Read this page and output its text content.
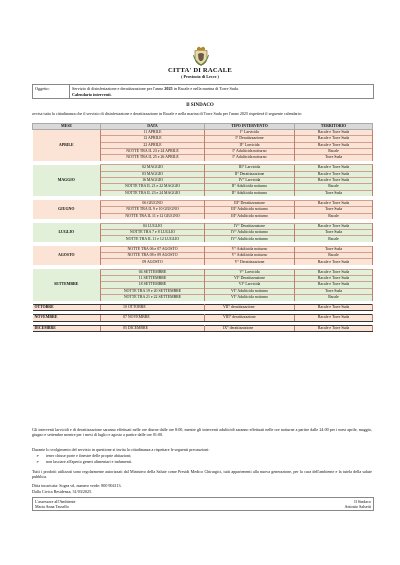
CITTA' DI RACALE
( Provincia di Lecce )
Oggetto:	Servizio di disinfestazione e derattizzazione per l'anno 2025 in Racale e nella marina di Torre Suda.
Calendario interventi.
Il SINDACO
avvisa tutta la cittadinanza che il servizio di disinfestazione e derattizzazione in Racale e nella marina di Torre Suda per l'anno 2025 rispetterà il seguente calendario:
MESE	DATA	TIPO INTERVENTO	TERRITORIO
APRILE	11 APRILE	I° Larvicida	Racale e Torre Suda
	12 APRILE	I° Derattizzazione	Racale e Torre Suda
	22 APRILE	II° Larvicida	Racale e Torre Suda
	NOTTE TRA IL 23 e 24 APRILE	I° Adulticida notturno	Racale
	NOTTE TRA IL 25 e 26 APRILE	I° Adulticida notturno	Torre Suda

MAGGIO	02 MAGGIO	III° Larvicida	Racale e Torre Suda
	03 MAGGIO	II° Derattizzazione	Racale e Torre Suda
	16 MAGGIO	IV° Larvicida	Racale e Torre Suda
	NOTTE TRA IL 21 e 22 MAGGIO	II° Adulticida notturno	Racale
	NOTTE TRA IL 23 e 24 MAGGIO	II° Adulticida notturno	Torre Suda

GIUGNO	06 GIUGNO	III° Derattizzazione	Racale e Torre Suda
	NOTTE TRA IL 9 e 10 GIUGNO	III° Adulticida notturno	Torre Suda
	NOTTE TRA IL 11 e 12 GIUGNO	III° Adulticida notturno	Racale

LUGLIO	04 LUGLIO	IV° Derattizzazione	Racale e Torre Suda
	NOTTE TRA 7 e 8 LUGLIO	IV° Adulticida notturno	Torre Suda
	NOTTE TRA IL 11 e 12 LUGLIO	IV° Adulticida notturno	Racale

AGOSTO	NOTTE TRA 06 e 07 AGOSTO	V° Adulticida notturno	Torre Suda
	NOTTE TRA 08 e 09 AGOSTO	V° Adulticida notturno	Racale
	09 AGOSTO	V° Derattizzazione	Racale e Torre Suda

SETTEMBRE	04 SETTEMBRE	V° Larvicida	Racale e Torre Suda
	11 SETTEMBRE	VI° Derattizzazione	Racale e Torre Suda
	18 SETTEMBRE	VI° Larvicida	Racale e Torre Suda
	NOTTE TRA 19 e 20 SETTEMBRE	VI° Adulticida notturno	Torre Suda
	NOTTE TRA 21 e 22 SETTEMBRE	VI° Adulticida notturno	Racale

OTTOBRE	10 OTTOBRE	VII° derattizzazione	Racale e Torre Suda

NOVEMBRE	07 NOVEMBRE	VIII° derattizzazione	Racale e Torre Suda

DICEMBRE	05 DICEMBRE	IX° derattizzazione	Racale e Torre Suda
Gli interventi larvicidi e di derattizzazione saranno effettuati nelle ore diurne dalle ore 8:00, mentre gli interventi adulticidi saranno effettuati nelle ore notturne a partire dalle 24:00 per i mesi aprile, maggio, giugno e settembre mentre per i mesi di luglio e agosto a partire dalle ore 01:00.
Durante lo svolgimento del servizio in questione si invita la cittadinanza a rispettare le seguenti precauzioni:
➢ tener chiuse porte e finestre delle proprie abitazioni;
➢ non lasciare all'aperto generi alimentari e indumenti.
Tutti i prodotti utilizzati sono regolarmente autorizzati dal Ministero della Salute come Presidi Medico Chirurgici, tutti appartenenti alla nuova generazione, per la cura dell'ambiente e la tutela della salute pubblica.
Ditta incaricata: Sogea srl, numero verde: 800 904113.
Dalla Civica Residenza, 31/03/2025.
L'assessore all'Ambiente
Maria Anna Tassello
Il Sindaco
Antonio Salsetti
